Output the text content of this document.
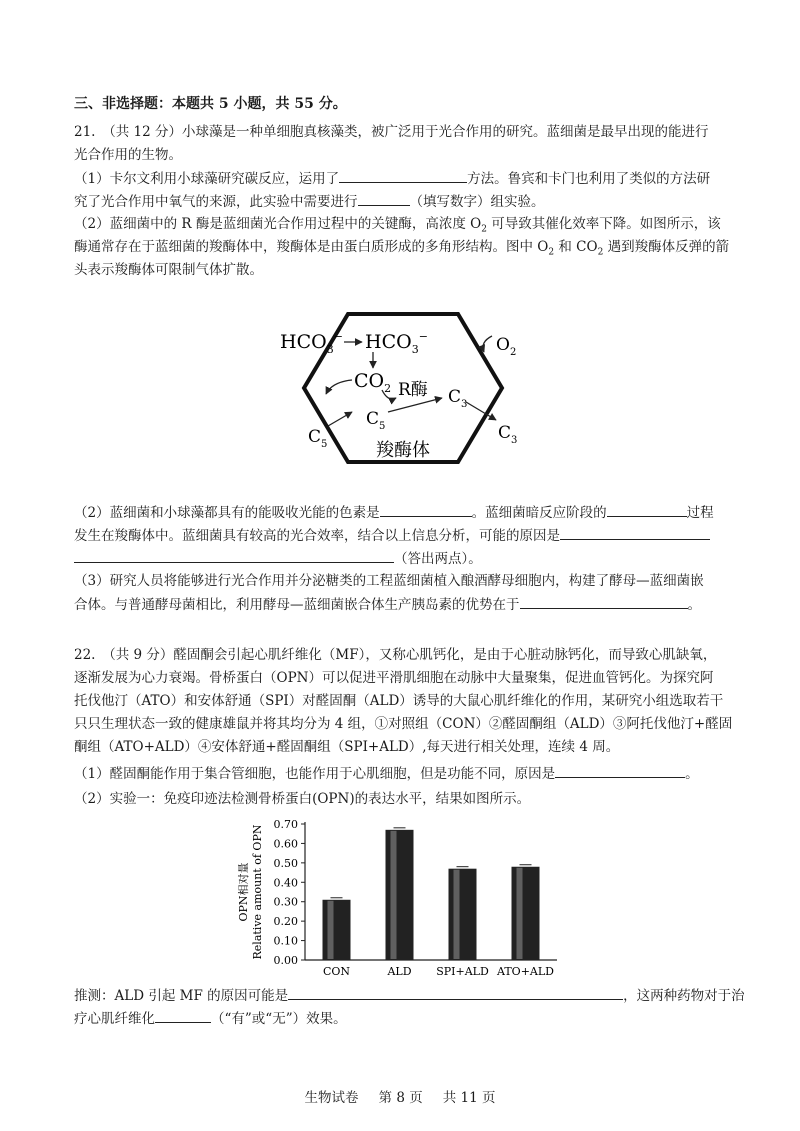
三、非选择题：本题共 5 小题，共 55 分。
21.　（共 12 分）小球藻是一种单细胞真核藻类，被广泛用于光合作用的研究。蓝细菌是最早出现的能进行
光合作用的生物。
（1）卡尔文利用小球藻研究碳反应，运用了	方法。鲁宾和卡门也利用了类似的方法研
究了光合作用中氧气的来源，此实验中需要进行	（填写数字）组实验。
（2）蓝细菌中的 R 酶是蓝细菌光合作用过程中的关键酶，高浓度 $O_2$ 可导致其催化效率下降。如图所示，该
酶通常存在于蓝细菌的羧酶体中，羧酶体是由蛋白质形成的多角形结构。图中 $O_2$ 和 $CO_2$ 遇到羧酶体反弹的箭
头表示羧酶体可限制气体扩散。
$HCO_3^-$ $HCO_3^-$
$CO_2$ R酶
$O_2$
$C_5$
$C_5$
$C_3$
$C_3$
羧酶体
（2）蓝细菌和小球藻都具有的能吸收光能的色素是	。蓝细菌暗反应阶段的	过程
发生在羧酶体中。蓝细菌具有较高的光合效率，结合以上信息分析，可能的原因是
（答出两点）。
（3）研究人员将能够进行光合作用并分泌糖类的工程蓝细菌植入酿酒酵母细胞内，构建了酵母—蓝细菌嵌
合体。与普通酵母菌相比，利用酵母—蓝细菌嵌合体生产胰岛素的优势在于	。
22.　（共 9 分）醛固酮会引起心肌纤维化（MF），又称心肌钙化，是由于心脏动脉钙化，而导致心肌缺氧，
逐渐发展为心力衰竭。骨桥蛋白（OPN）可以促进平滑肌细胞在动脉中大量聚集，促进血管钙化。为探究阿
托伐他汀（ATO）和安体舒通（SPI）对醛固酮（ALD）诱导的大鼠心肌纤维化的作用，某研究小组选取若干
只只生理状态一致的健康雄鼠并将其均分为 4 组，①对照组（CON）②醛固酮组（ALD）③阿托伐他汀+醛固
酮组（ATO+ALD）④安体舒通+醛固酮组（SPI+ALD）,每天进行相关处理，连续 4 周。
（1）醛固酮能作用于集合管细胞，也能作用于心肌细胞，但是功能不同，原因是	。
（2）实验一：免疫印迹法检测骨桥蛋白(OPN)的表达水平，结果如图所示。
0.00
0.10
0.20
0.30
0.40
0.50
0.60
0.70
CON	ALD SPI+ALD ATO+ALD
OPN相对量 Relative amount of OPN
推测：ALD 引起 MF 的原因可能是	，这两种药物对于治
疗心肌纤维化	（“有”或“无”）效果。
生物试卷 第 8 页 共 11 页
